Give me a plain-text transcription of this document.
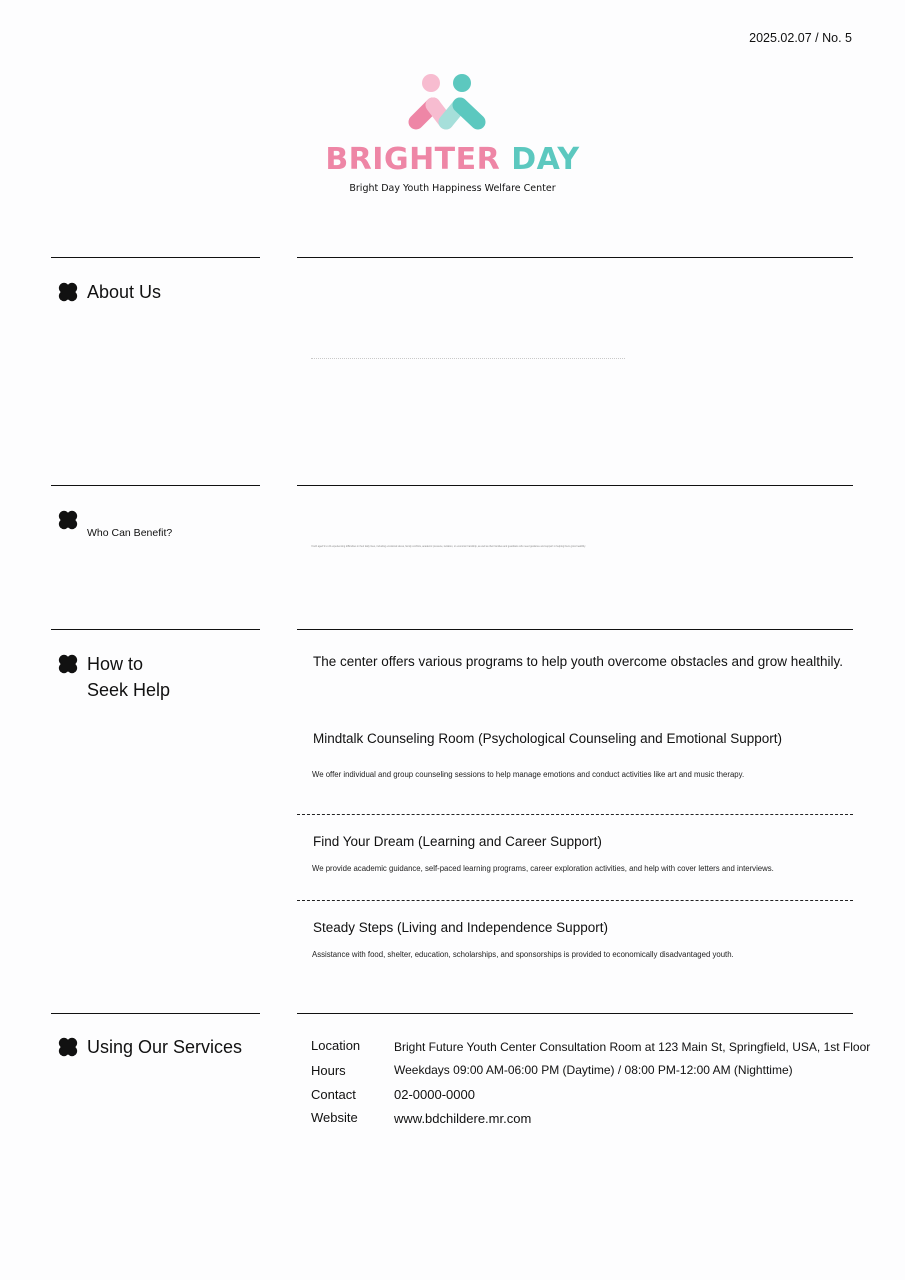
2025.02.07 / No. 5
BRIGHTER DAY
Bright Day Youth Happiness Welfare Center
About Us
Who Can Benefit?
Youth aged 9 to 24 experiencing difficulties in their daily lives, including emotional stress, family conflicts, academic pressure, isolation, or economic hardship, as well as their families and guardians who need guidance and support in helping them grow healthily.
How to
Seek Help
The center offers various programs to help youth overcome obstacles and grow healthily.
Mindtalk Counseling Room (Psychological Counseling and Emotional Support)
We offer individual and group counseling sessions to help manage emotions and conduct activities like art and music therapy.
Find Your Dream (Learning and Career Support)
We provide academic guidance, self-paced learning programs, career exploration activities, and help with cover letters and interviews.
Steady Steps (Living and Independence Support)
Assistance with food, shelter, education, scholarships, and sponsorships is provided to economically disadvantaged youth.
Using Our Services	Location	Bright Future Youth Center Consultation Room at 123 Main St, Springfield, USA, 1st Floor
Hours	Weekdays 09:00 AM-06:00 PM (Daytime) / 08:00 PM-12:00 AM (Nighttime)
Contact	02-0000-0000
Website	www.bdchildere.mr.com
